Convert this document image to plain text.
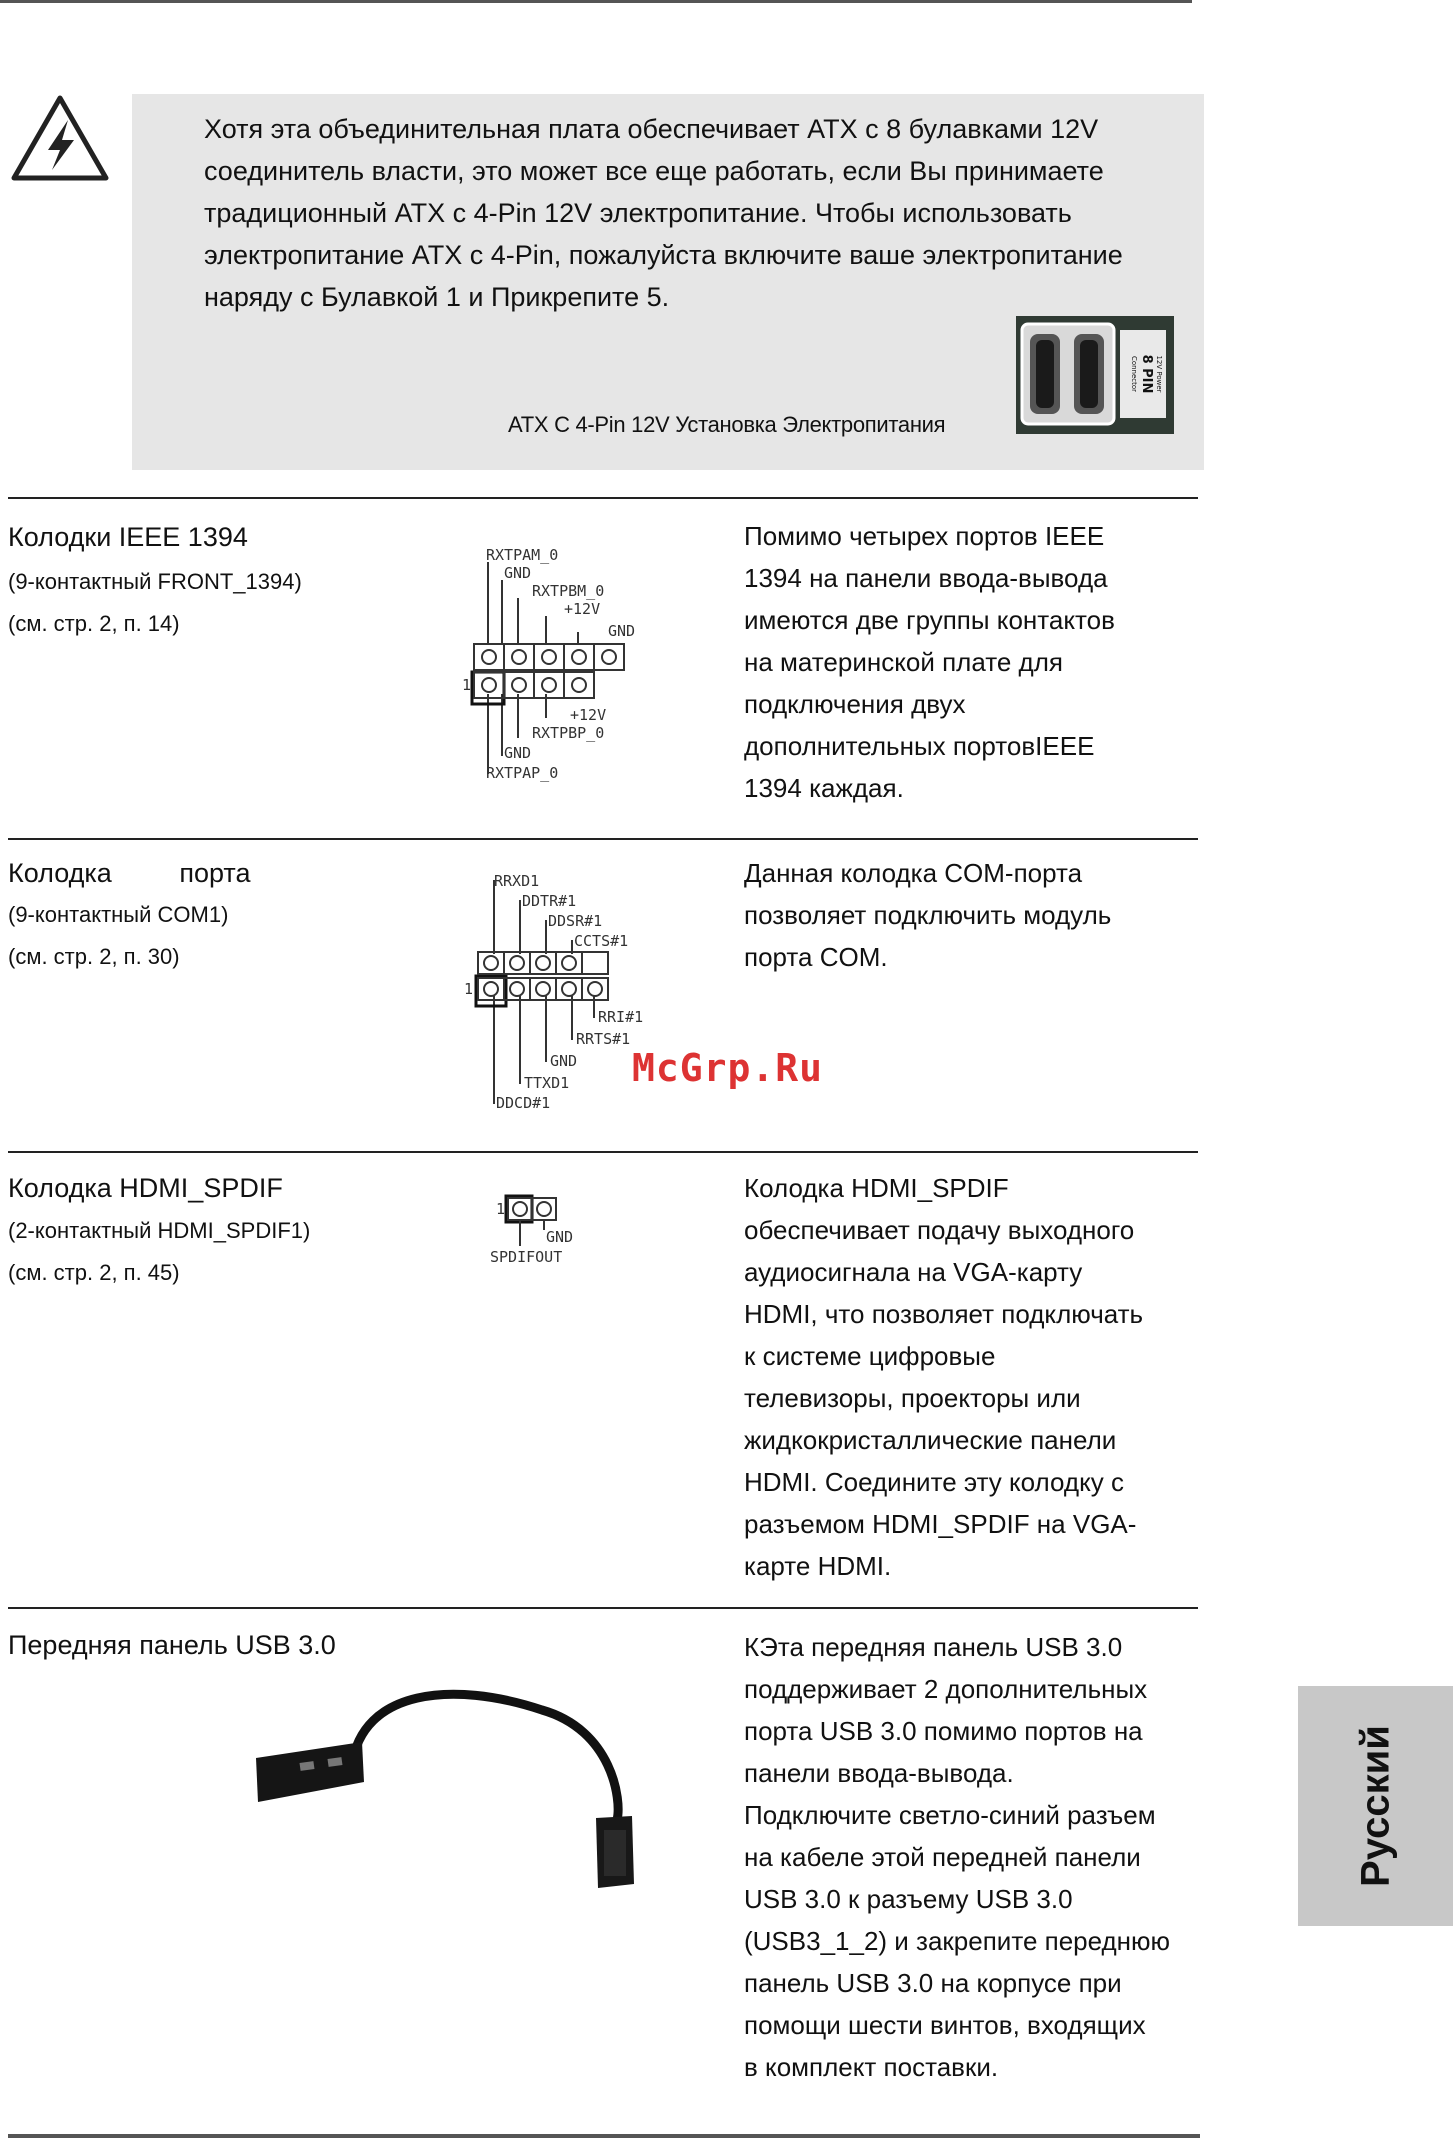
Хотя эта объединительная плата обеспечивает ATX с 8 булавками 12V
соединитель власти, это может все еще работать, если Вы принимаете
традиционный ATX с 4-Pin 12V электропитание. Чтобы использовать
электропитание ATX с 4-Pin, пожалуйста включите ваше электропитание
наряду с Булавкой 1 и Прикрепите 5.
ATX С 4-Pin 12V Установка Электропитания
8 PIN 12V Power
Connector
Колодки IEEE 1394
(9-контактный FRONT_1394)
(см. стр. 2, п. 14)
1
RXTPAM_0
GND
RXTPBM_0
+12V
GND
+12V
RXTPBP_0
GND
RXTPAP_0
Помимо четырех портов IEEE
1394 на панели ввода-вывода
имеются две группы контактов
на материнской плате для
подключения двух
дополнительных портовIEEE
1394 каждая.
Колодка         порта
(9-контактный COM1)
(см. стр. 2, п. 30)
1
RRXD1
DDTR#1
DDSR#1
CCTS#1
RRI#1
RRTS#1
GND
TTXD1
DDCD#1
McGrp.Ru
Данная колодка COM-порта
позволяет подключить модуль
порта COM.
Колодка HDMI_SPDIF
(2-контактный HDMI_SPDIF1)
(см. стр. 2, п. 45)
1
GND
SPDIFOUT
Колодка HDMI_SPDIF
обеспечивает подачу выходного
аудиосигнала на VGA-карту
HDMI, что позволяет подключать
к системе цифровые
телевизоры, проекторы или
жидкокристаллические панели
HDMI. Соедините эту колодку с
разъемом HDMI_SPDIF на VGA-
карте HDMI.
Передняя панель USB 3.0	КЭта передняя панель USB 3.0
поддерживает 2 дополнительных
порта USB 3.0 помимо портов на
панели ввода-вывода.
Подключите светло-синий разъем
на кабеле этой передней панели
USB 3.0 к разъему USB 3.0
(USB3_1_2) и закрепите переднюю
панель USB 3.0 на корпусе при
помощи шести винтов, входящих
в комплект поставки.
Русский
